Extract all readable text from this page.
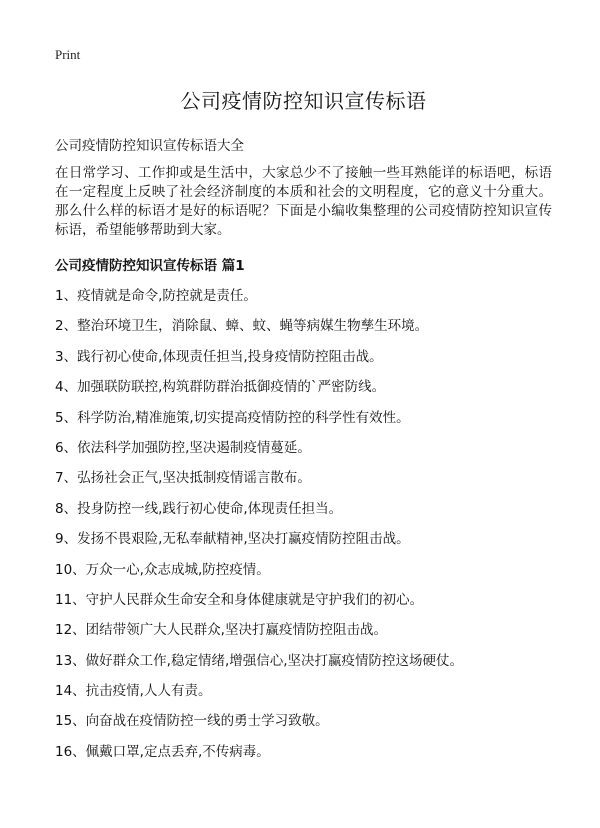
Print
公司疫情防控知识宣传标语

公司疫情防控知识宣传标语大全

在日常学习、工作抑或是生活中，大家总少不了接触一些耳熟能详的标语吧，标语在一定程度上反映了社会经济制度的本质和社会的文明程度，它的意义十分重大。那么什么样的标语才是好的标语呢？下面是小编收集整理的公司疫情防控知识宣传标语，希望能够帮助到大家。

公司疫情防控知识宣传标语 篇1

1、疫情就是命令,防控就是责任。
2、整治环境卫生，消除鼠、蟑、蚊、蝇等病媒生物孳生环境。
3、践行初心使命,体现责任担当,投身疫情防控阻击战。
4、加强联防联控,构筑群防群治抵御疫情的`严密防线。
5、科学防治,精准施策,切实提高疫情防控的科学性有效性。
6、依法科学加强防控,坚决遏制疫情蔓延。
7、弘扬社会正气,坚决抵制疫情谣言散布。
8、投身防控一线,践行初心使命,体现责任担当。
9、发扬不畏艰险,无私奉献精神,坚决打赢疫情防控阻击战。
10、万众一心,众志成城,防控疫情。
11、守护人民群众生命安全和身体健康就是守护我们的初心。
12、团结带领广大人民群众,坚决打赢疫情防控阻击战。
13、做好群众工作,稳定情绪,增强信心,坚决打赢疫情防控这场硬仗。
14、抗击疫情,人人有责。
15、向奋战在疫情防控一线的勇士学习致敬。
16、佩戴口罩,定点丢弃,不传病毒。
